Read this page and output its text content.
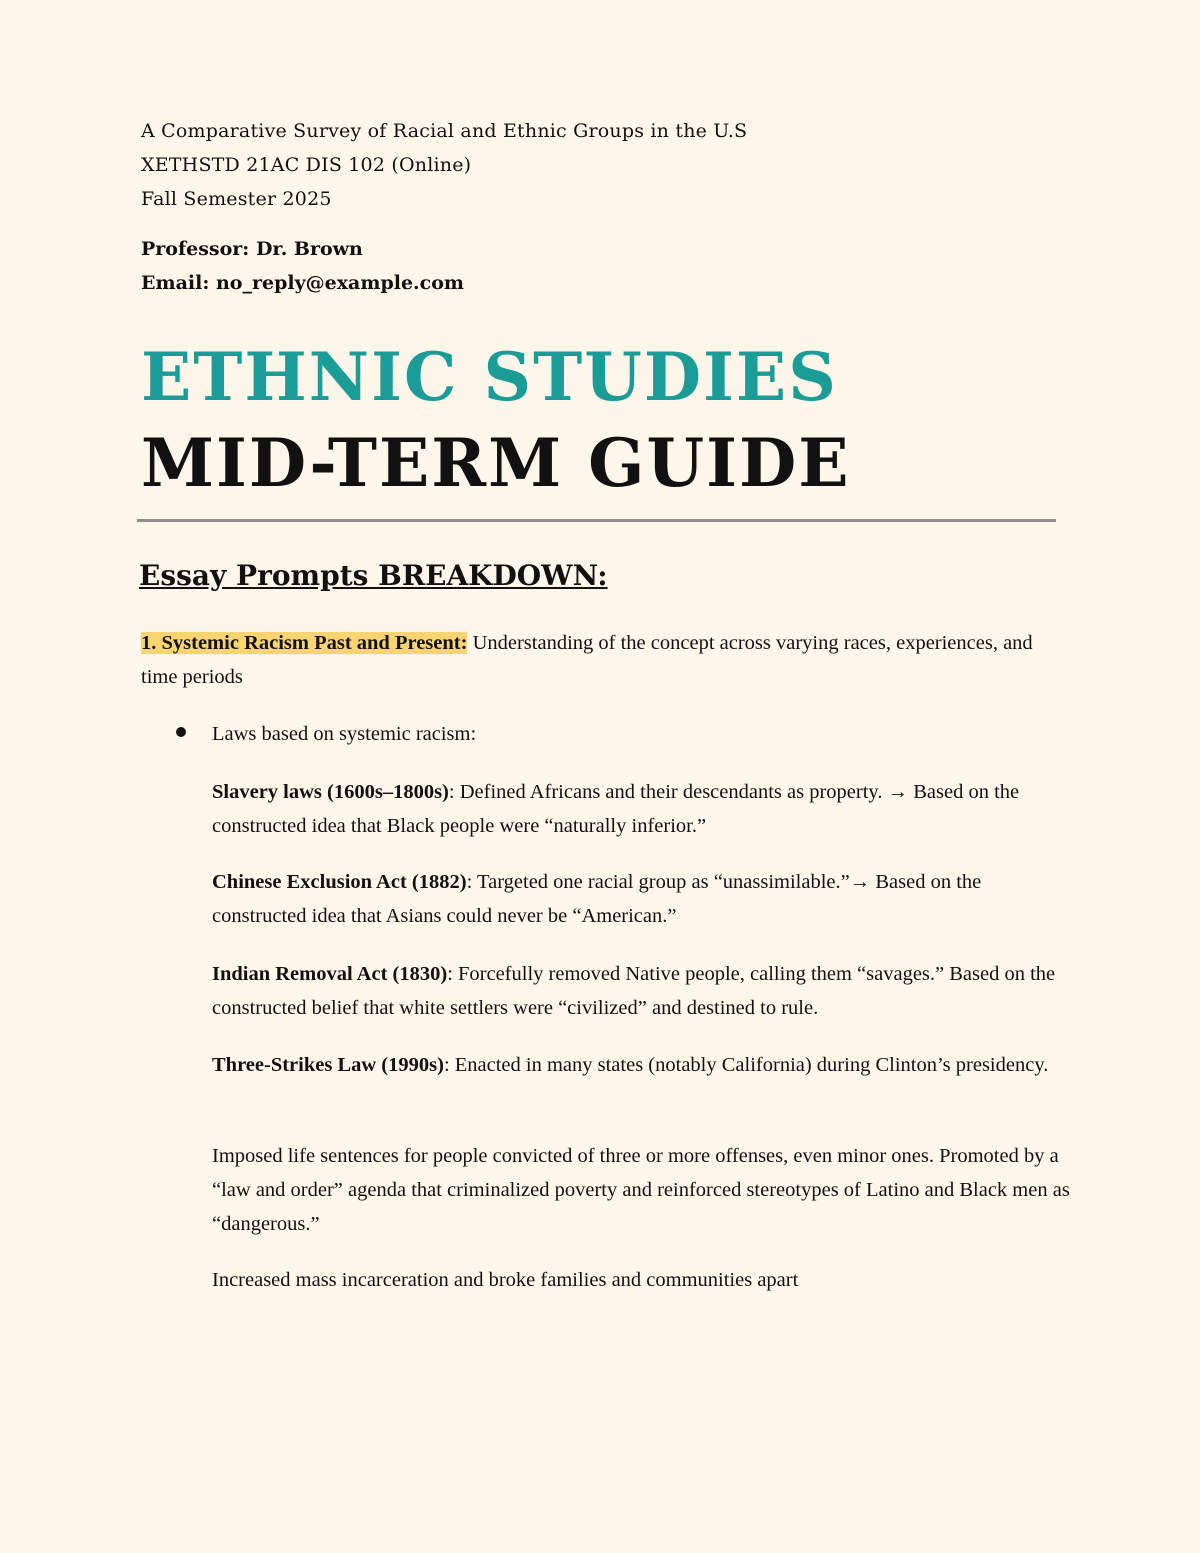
A Comparative Survey of Racial and Ethnic Groups in the U.S
XETHSTD 21AC DIS 102 (Online)
Fall Semester 2025
Professor: Dr. Brown
Email: no_reply@example.com
ETHNIC STUDIES
MID-TERM GUIDE
Essay Prompts BREAKDOWN:
1. Systemic Racism Past and Present: Understanding of the concept across varying races, experiences, and time periods
Laws based on systemic racism:
Slavery laws (1600s–1800s): Defined Africans and their descendants as property. → Based on the constructed idea that Black people were “naturally inferior.”
Chinese Exclusion Act (1882): Targeted one racial group as “unassimilable.”→ Based on the constructed idea that Asians could never be “American.”
Indian Removal Act (1830): Forcefully removed Native people, calling them “savages.” Based on the constructed belief that white settlers were “civilized” and destined to rule.
Three-Strikes Law (1990s): Enacted in many states (notably California) during Clinton’s presidency.
Imposed life sentences for people convicted of three or more offenses, even minor ones. Promoted by a “law and order” agenda that criminalized poverty and reinforced stereotypes of Latino and Black men as “dangerous.”
Increased mass incarceration and broke families and communities apart
